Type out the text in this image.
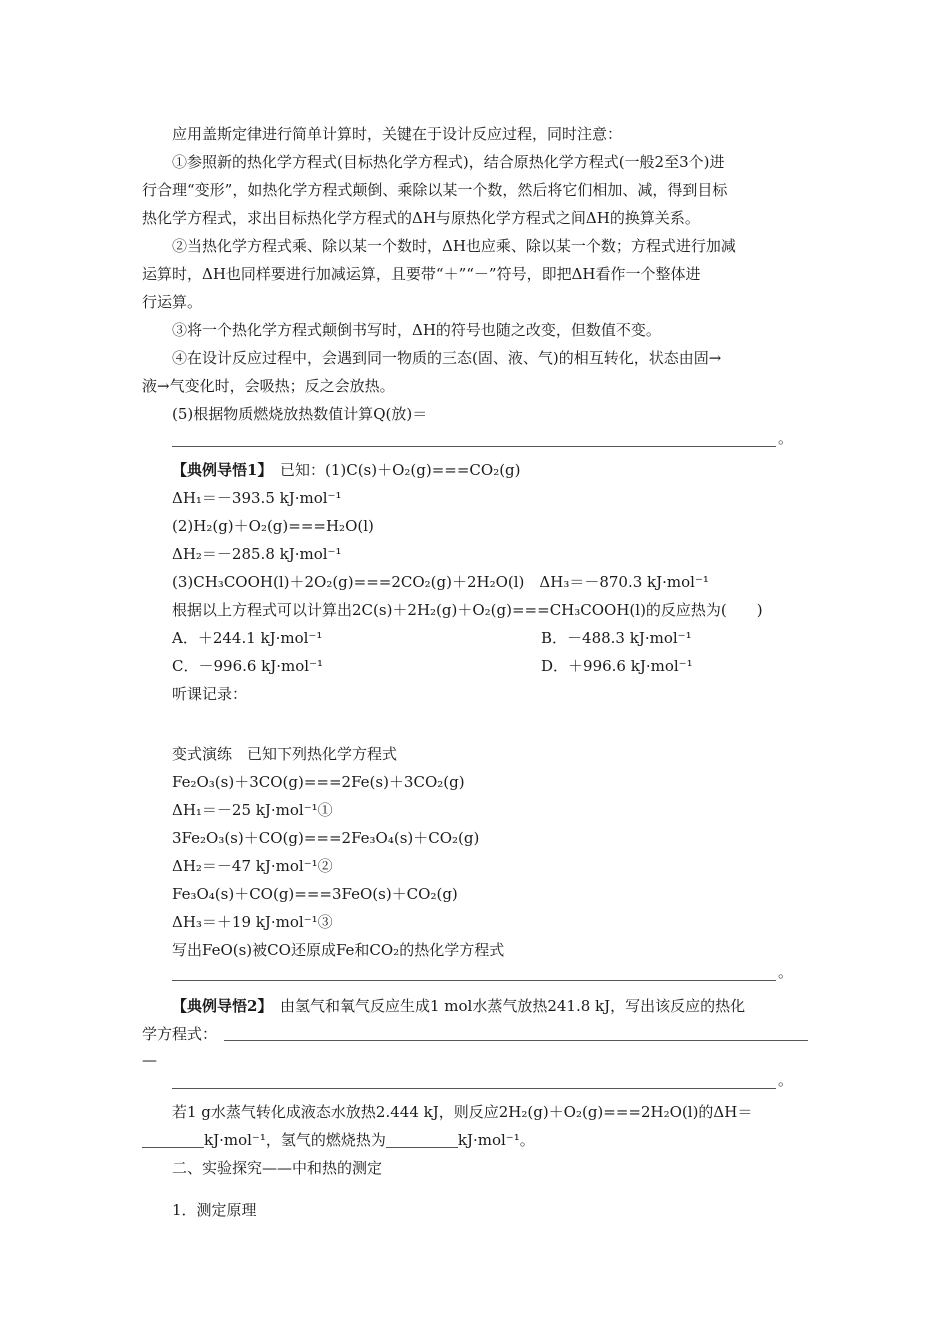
应用盖斯定律进行简单计算时，关键在于设计反应过程，同时注意：
①参照新的热化学方程式(目标热化学方程式)，结合原热化学方程式(一般2至3个)进
行合理“变形”，如热化学方程式颠倒、乘除以某一个数，然后将它们相加、减，得到目标
热化学方程式，求出目标热化学方程式的ΔH与原热化学方程式之间ΔH的换算关系。
②当热化学方程式乘、除以某一个数时，ΔH也应乘、除以某一个数；方程式进行加减
运算时，ΔH也同样要进行加减运算，且要带“＋”“－”符号，即把ΔH看作一个整体进
行运算。
③将一个热化学方程式颠倒书写时，ΔH的符号也随之改变，但数值不变。
④在设计反应过程中，会遇到同一物质的三态(固、液、气)的相互转化，状态由固→
液→气变化时，会吸热；反之会放热。
(5)根据物质燃烧放热数值计算Q(放)＝
。
【典例导悟1】　 已知：(1)C(s)＋O₂(g)===CO₂(g)
ΔH₁＝－393.5 kJ·mol⁻¹
(2)H₂(g)＋O₂(g)===H₂O(l)
ΔH₂＝－285.8 kJ·mol⁻¹
(3)CH₃COOH(l)＋2O₂(g)===2CO₂(g)＋2H₂O(l)　ΔH₃＝－870.3 kJ·mol⁻¹
根据以上方程式可以计算出2C(s)＋2H₂(g)＋O₂(g)===CH₃COOH(l)的反应热为(　　)
A．＋244.1 kJ·mol⁻¹	B．－488.3 kJ·mol⁻¹
C．－996.6 kJ·mol⁻¹	D．＋996.6 kJ·mol⁻¹
听课记录：
变式演练　已知下列热化学方程式
Fe₂O₃(s)＋3CO(g)===2Fe(s)＋3CO₂(g)
ΔH₁＝－25 kJ·mol⁻¹①
3Fe₂O₃(s)＋CO(g)===2Fe₃O₄(s)＋CO₂(g)
ΔH₂＝－47 kJ·mol⁻¹②
Fe₃O₄(s)＋CO(g)===3FeO(s)＋CO₂(g)
ΔH₃＝＋19 kJ·mol⁻¹③
写出FeO(s)被CO还原成Fe和CO₂的热化学方程式
。
【典例导悟2】　 由氢气和氧气反应生成1 mol水蒸气放热241.8 kJ，写出该反应的热化
学方程式：
—
。
若1 g水蒸气转化成液态水放热2.444 kJ，则反应2H₂(g)＋O₂(g)===2H₂O(l)的ΔH＝
kJ·mol⁻¹，氢气的燃烧热为	kJ·mol⁻¹。
二、实验探究——中和热的测定
1．测定原理
